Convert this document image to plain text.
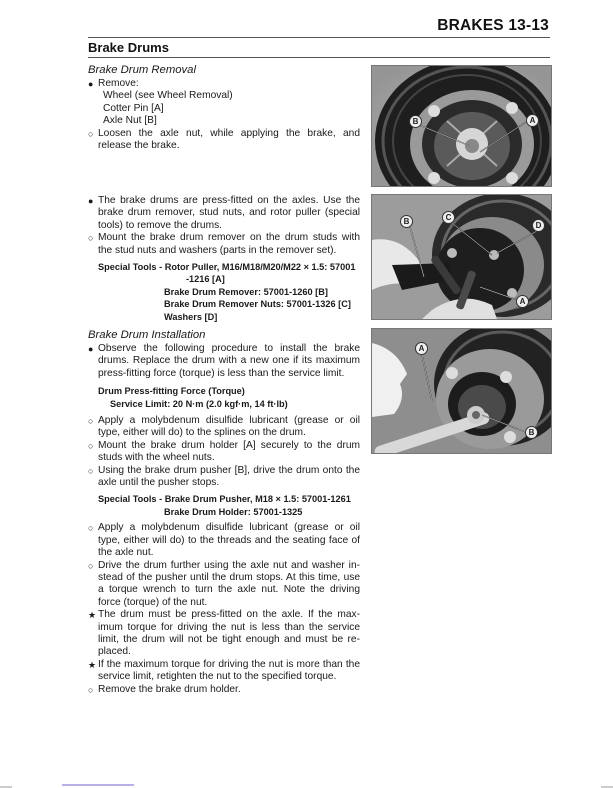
BRAKES 13-13
Brake Drums
Brake Drum Removal
● Remove:
Wheel (see Wheel Removal)
Cotter Pin [A]
Axle Nut [B]
○ Loosen the axle nut, while applying the brake, and release the brake.
● The brake drums are press-fitted on the axles. Use the brake drum remover, stud nuts, and rotor puller (special tools) to remove the drums.
○ Mount the brake drum remover on the drum studs with the stud nuts and washers (parts in the remover set).
Special Tools - Rotor Puller, M16/M18/M20/M22 × 1.5: 57001
-1216 [A]
Brake Drum Remover: 57001-1260 [B]
Brake Drum Remover Nuts: 57001-1326 [C]
Washers [D]
Brake Drum Installation
● Observe the following procedure to install the brake drums. Replace the drum with a new one if its maximum press-fitting force (torque) is less than the service limit.
Drum Press-fitting Force (Torque)
Service Limit: 20 N·m (2.0 kgf·m, 14 ft·lb)
○ Apply a molybdenum disulfide lubricant (grease or oil type, either will do) to the splines on the drum.
○ Mount the brake drum holder [A] securely to the drum studs with the wheel nuts.
○ Using the brake drum pusher [B], drive the drum onto the axle until the pusher stops.
Special Tools - Brake Drum Pusher, M18 × 1.5: 57001-1261
Brake Drum Holder: 57001-1325
○ Apply a molybdenum disulfide lubricant (grease or oil type, either will do) to the threads and the seating face of the axle nut.
○ Drive the drum further using the axle nut and washer in-stead of the pusher until the drum stops. At this time, use a torque wrench to turn the axle nut. Note the driving force (torque) of the nut.
★ The drum must be press-fitted on the axle. If the max-imum torque for driving the nut is less than the service limit, the drum will not be tight enough and must be re-placed.
★ If the maximum torque for driving the nut is more than the service limit, retighten the nut to the specified torque.
○ Remove the brake drum holder.
B	A
B	C
D
A
A
B
